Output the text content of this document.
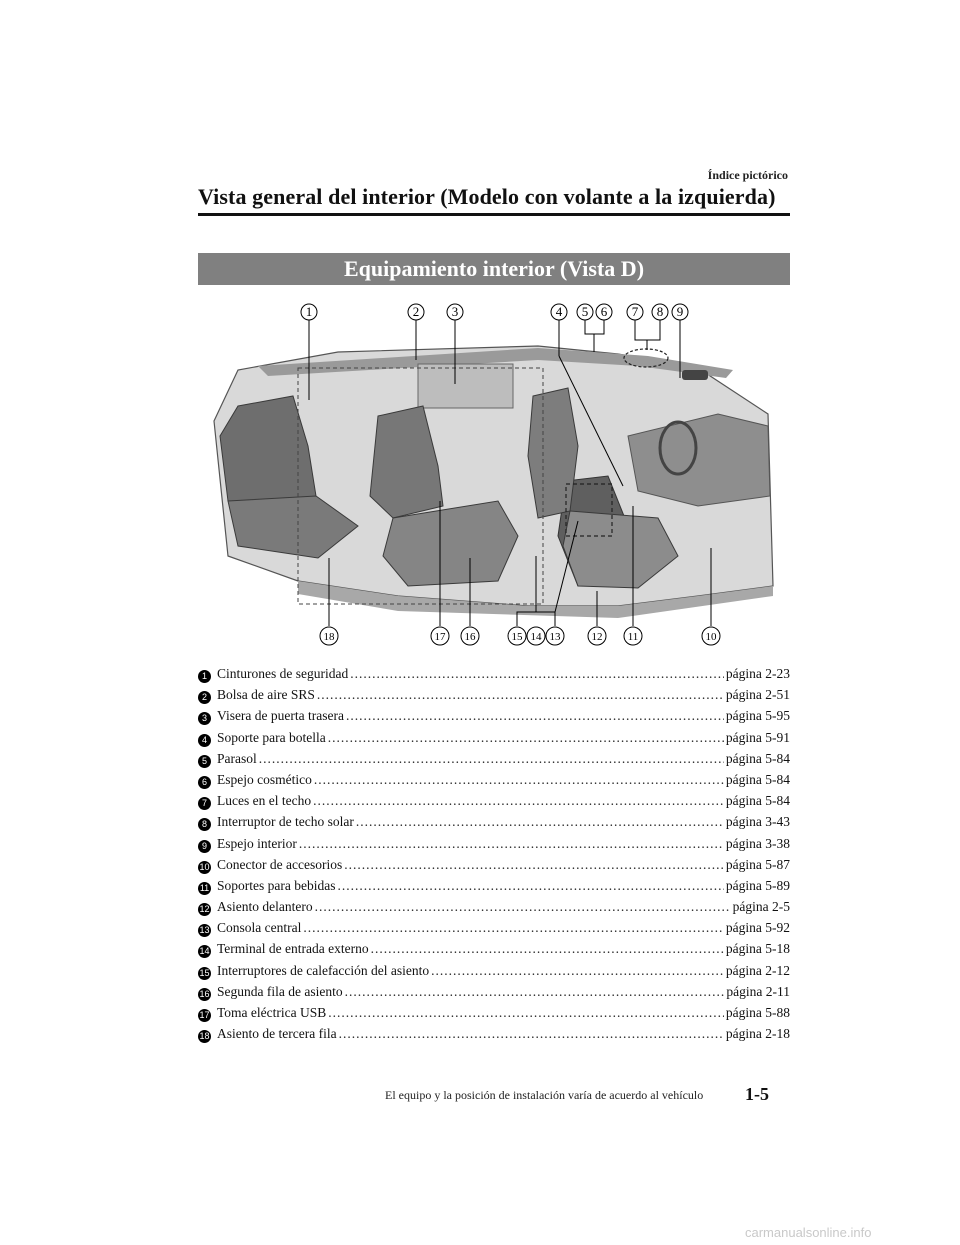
Índice pictórico
Vista general del interior (Modelo con volante a la izquierda)
Equipamiento interior (Vista D)
1	2	3	4 5 6 7 8 9
18	17 16	15 14 13	12 11	10
1 Cinturones de seguridad .....	página 2-23
2 Bolsa de aire SRS .....	página 2-51
3 Visera de puerta trasera .....	página 5-95
4 Soporte para botella .....	página 5-91
5 Parasol .....	página 5-84
6 Espejo cosmético .....	página 5-84
7 Luces en el techo .....	página 5-84
8 Interruptor de techo solar .....	página 3-43
9 Espejo interior .....	página 3-38
10 Conector de accesorios .....	página 5-87
11 Soportes para bebidas .....	página 5-89
12 Asiento delantero .....	página 2-5
13 Consola central .....	página 5-92
14 Terminal de entrada externo .....	página 5-18
15 Interruptores de calefacción del asiento .....	página 2-12
16 Segunda fila de asiento .....	página 2-11
17 Toma eléctrica USB .....	página 5-88
18 Asiento de tercera fila .....	página 2-18
El equipo y la posición de instalación varía de acuerdo al vehículo 1-5
carmanualsonline.info
